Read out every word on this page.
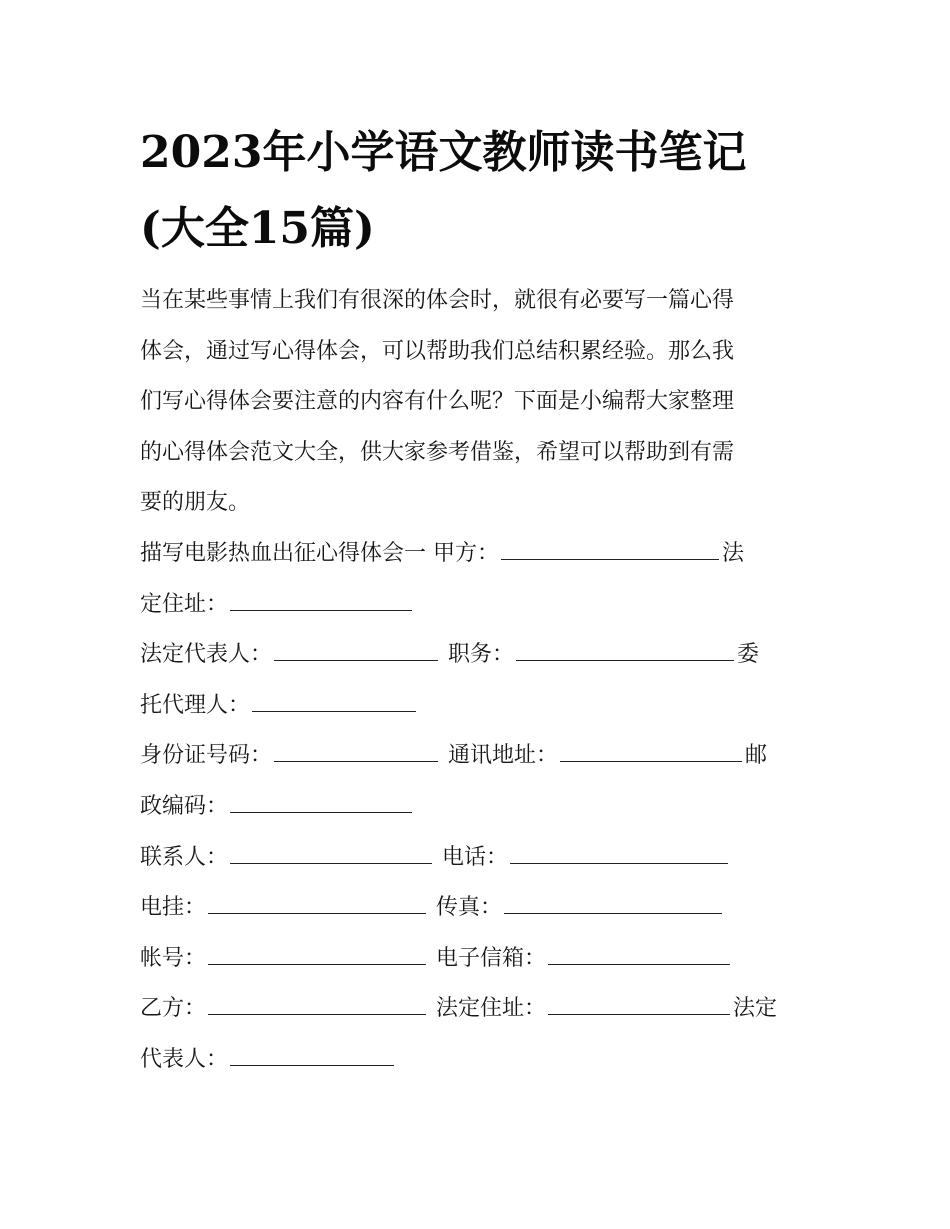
2023年小学语文教师读书笔记
(大全15篇)
当在某些事情上我们有很深的体会时，就很有必要写一篇心得
体会，通过写心得体会，可以帮助我们总结积累经验。那么我
们写心得体会要注意的内容有什么呢？下面是小编帮大家整理
的心得体会范文大全，供大家参考借鉴，希望可以帮助到有需
要的朋友。
描写电影热血出征心得体会一 甲方：	法
定住址：
法定代表人：	职务：	委
托代理人：
身份证号码：	通讯地址：	邮
政编码：
联系人：	电话：
电挂：	传真：
帐号：	电子信箱：
乙方：	法定住址：	法定
代表人：
